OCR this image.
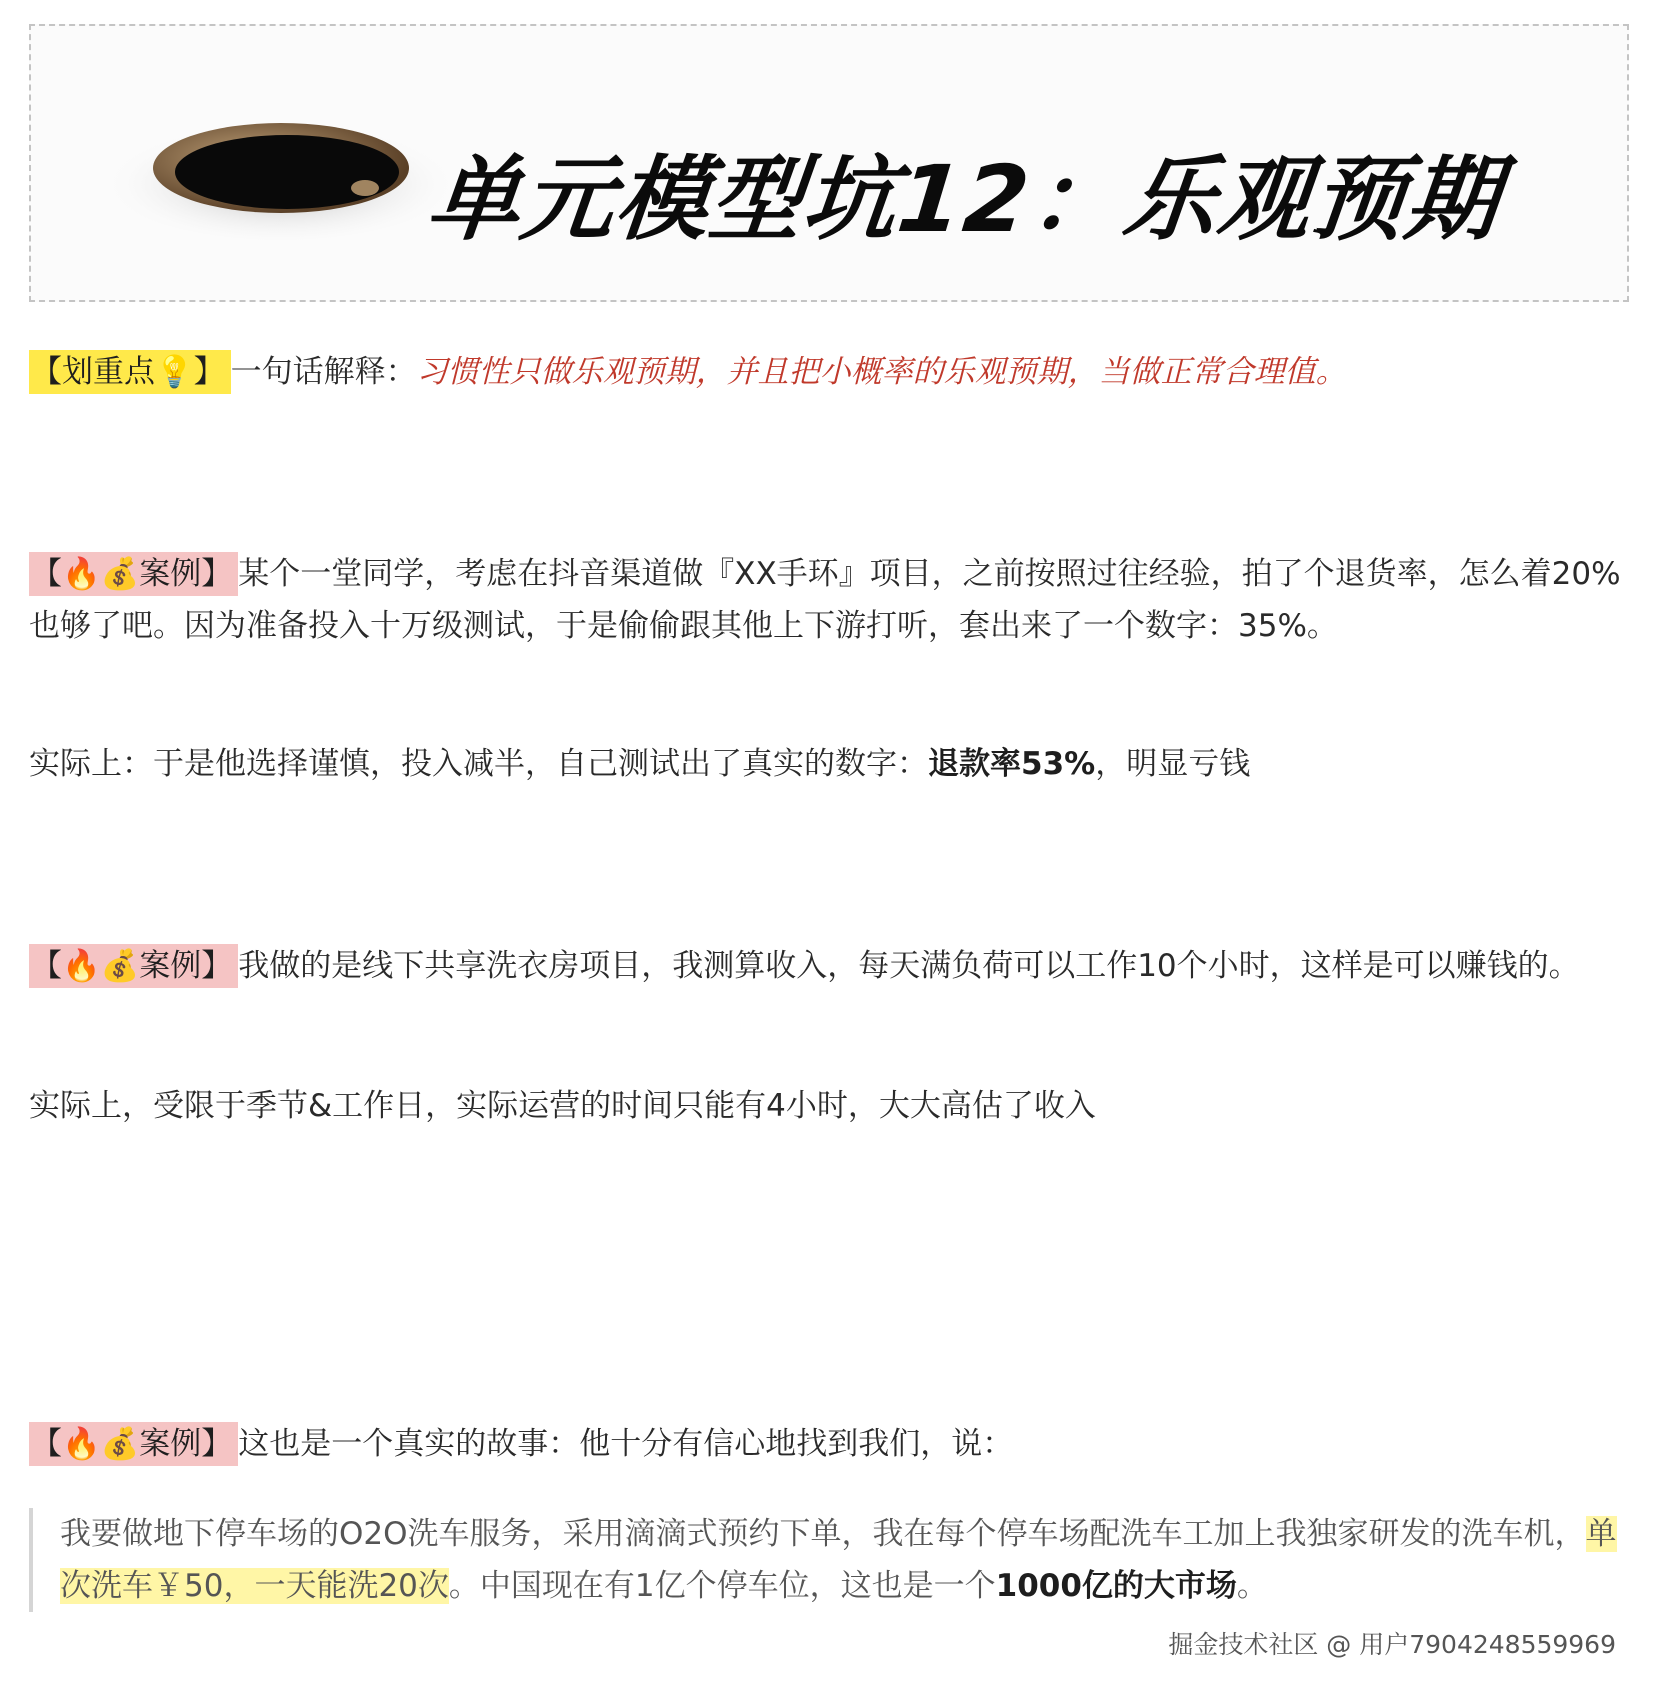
单元模型坑12：乐观预期
【划重点💡】 一句话解释：习惯性只做乐观预期，并且把小概率的乐观预期，当做正常合理值。
【🔥💰案例】 某个一堂同学，考虑在抖音渠道做『XX手环』项目，之前按照过往经验，拍了个退货率，怎么着20%也够了吧。因为准备投入十万级测试，于是偷偷跟其他上下游打听，套出来了一个数字：35%。
实际上：于是他选择谨慎，投入减半，自己测试出了真实的数字：退款率53%，明显亏钱
【🔥💰案例】 我做的是线下共享洗衣房项目，我测算收入，每天满负荷可以工作10个小时，这样是可以赚钱的。
实际上，受限于季节&工作日，实际运营的时间只能有4小时，大大高估了收入
【🔥💰案例】 这也是一个真实的故事：他十分有信心地找到我们，说：
我要做地下停车场的O2O洗车服务，采用滴滴式预约下单，我在每个停车场配洗车工加上我独家研发的洗车机，单次洗车￥50，一天能洗20次。中国现在有1亿个停车位，这也是一个1000亿的大市场。
掘金技术社区 @ 用户7904248559969
